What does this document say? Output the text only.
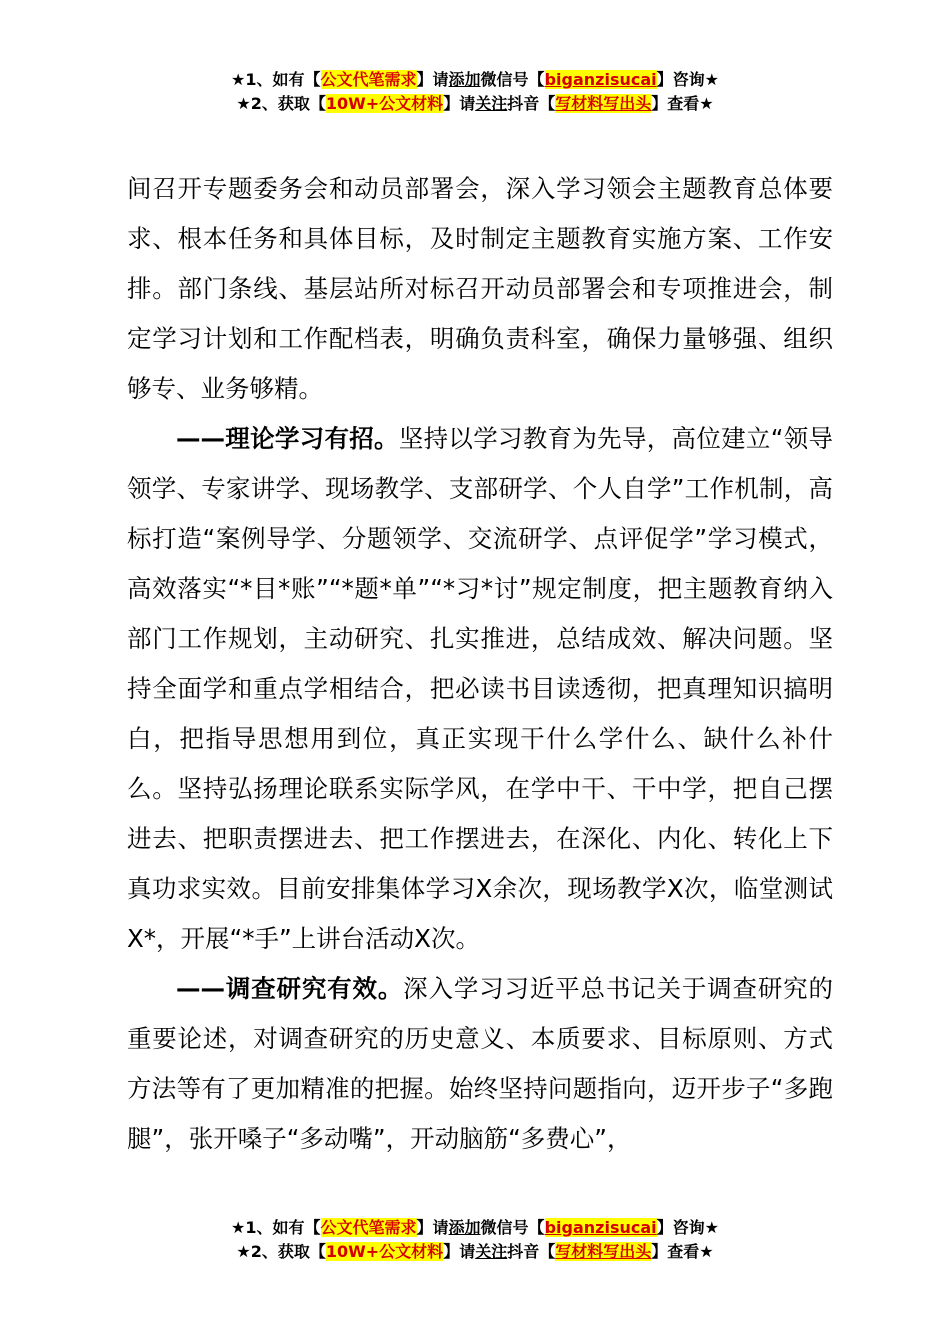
★1、如有【公文代笔需求】请添加微信号【biganzisucai】咨询★
★2、获取【10W+公文材料】请关注抖音【写材料写出头】查看★

间召开专题委务会和动员部署会，深入学习领会主题教育总体要求、根本任务和具体目标，及时制定主题教育实施方案、工作安排。部门条线、基层站所对标召开动员部署会和专项推进会，制定学习计划和工作配档表，明确负责科室，确保力量够强、组织够专、业务够精。

——理论学习有招。坚持以学习教育为先导，高位建立“领导领学、专家讲学、现场教学、支部研学、个人自学”工作机制，高标打造“案例导学、分题领学、交流研学、点评促学”学习模式，高效落实“*目*账”“*题*单”“*习*讨”规定制度，把主题教育纳入部门工作规划，主动研究、扎实推进，总结成效、解决问题。坚持全面学和重点学相结合，把必读书目读透彻，把真理知识搞明白，把指导思想用到位，真正实现干什么学什么、缺什么补什么。坚持弘扬理论联系实际学风，在学中干、干中学，把自己摆进去、把职责摆进去、把工作摆进去，在深化、内化、转化上下真功求实效。目前安排集体学习X余次，现场教学X次，临堂测试X*，开展“*手”上讲台活动X次。

——调查研究有效。深入学习习近平总书记关于调查研究的重要论述，对调查研究的历史意义、本质要求、目标原则、方式方法等有了更加精准的把握。始终坚持问题指向，迈开步子“多跑腿”，张开嗓子“多动嘴”，开动脑筋“多费心”，

★1、如有【公文代笔需求】请添加微信号【biganzisucai】咨询★
★2、获取【10W+公文材料】请关注抖音【写材料写出头】查看★
